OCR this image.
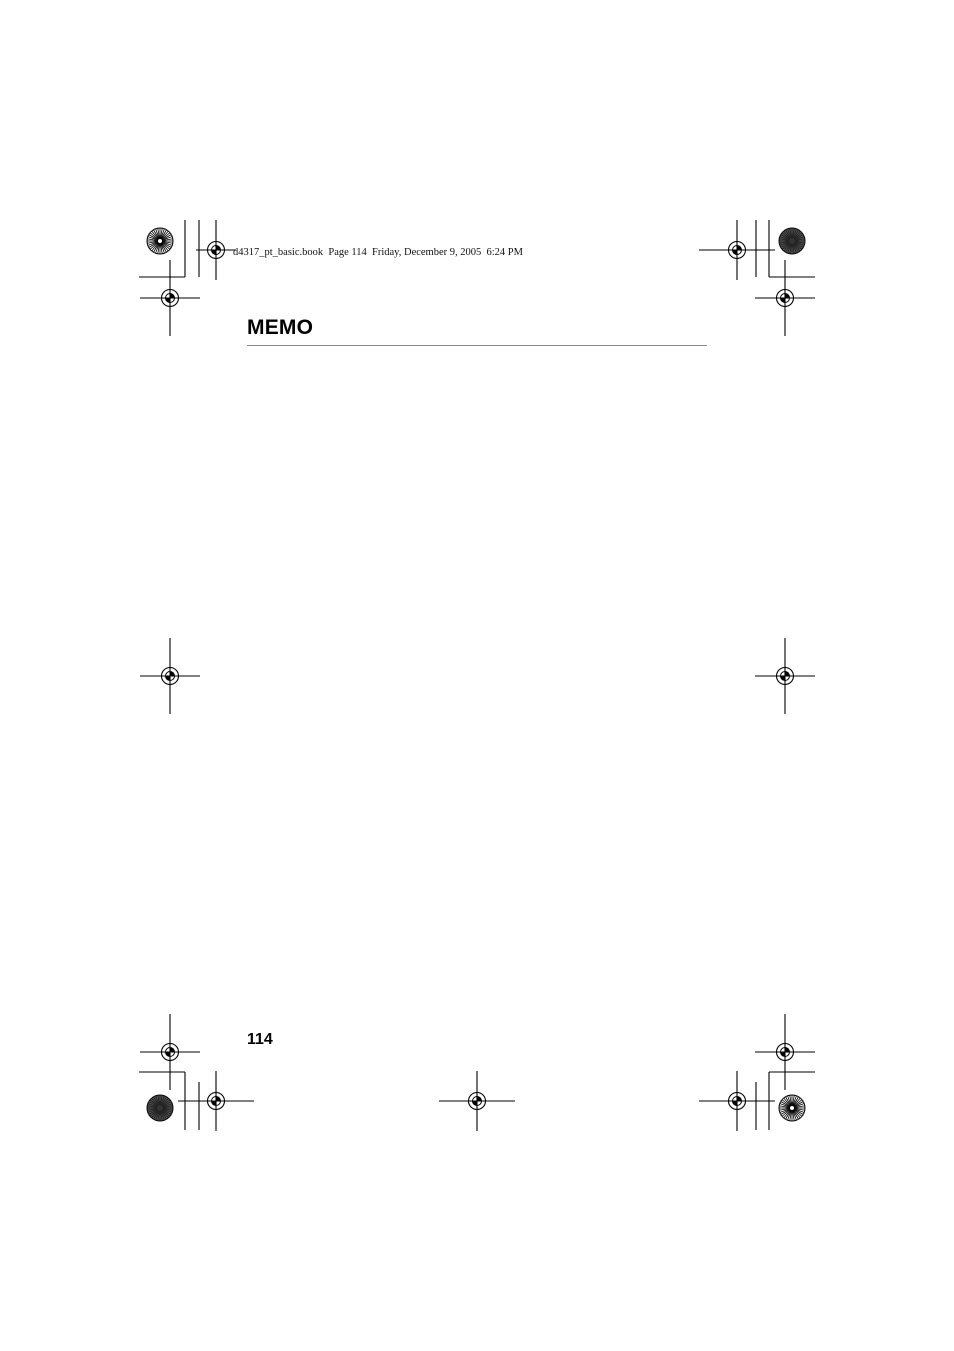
d4317_pt_basic.book  Page 114  Friday, December 9, 2005  6:24 PM
MEMO
114
